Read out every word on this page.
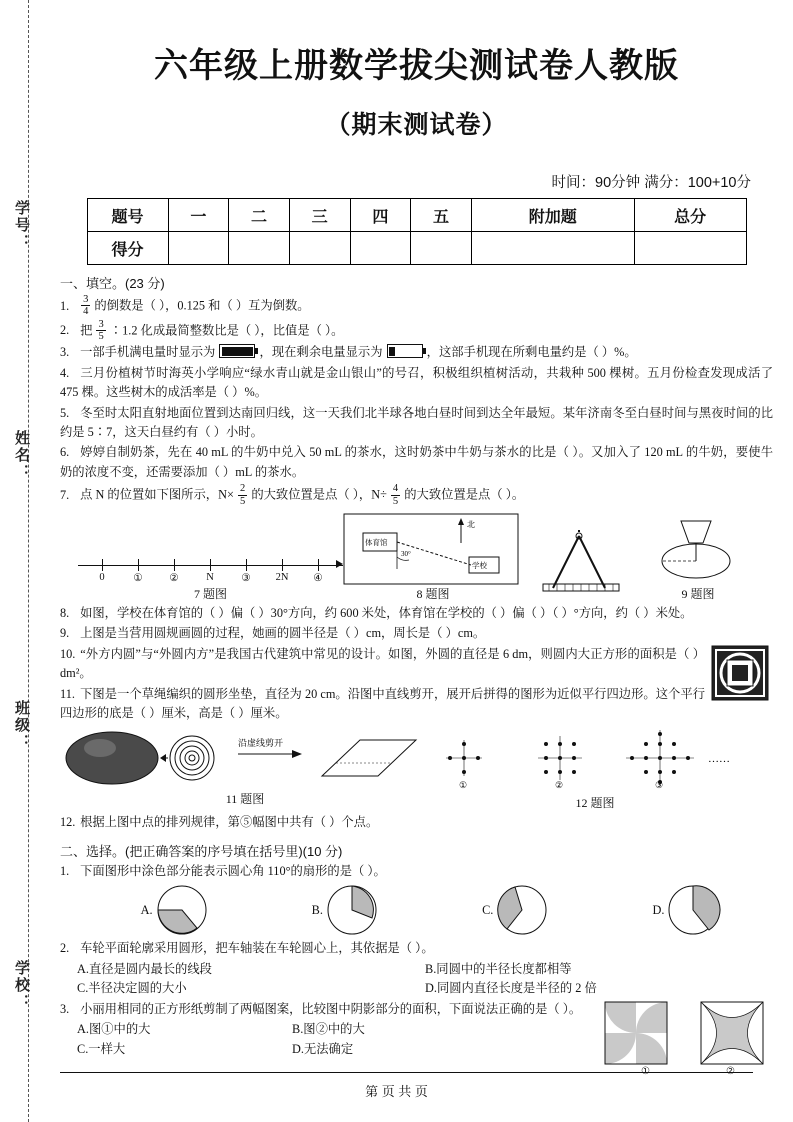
学号：
姓名：
班级：
学校：
六年级上册数学拔尖测试卷人教版
（期末测试卷）
时间：90分钟 满分：100+10分
题号	一	二	三	四	五	附加题	总分
得分							
一、填空。(23 分)
1. $\frac{3}{4}$ 的倒数是（ ），0.125 和（ ）互为倒数。
2. 把 $\frac{3}{5}$ ∶1.2 化成最简整数比是（ ），比值是（ ）。
3. 一部手机满电量时显示为	，现在剩余电量显示为	，这部手机现在所剩电量约是（ ）%。
4. 三月份植树节时海英小学响应“绿水青山就是金山银山”的号召，积极组织植树活动，共栽种 500 棵树。五月份检查发现成活了 475 棵。这些树木的成活率是（ ）%。
5. 冬至时太阳直射地面位置到达南回归线，这一天我们北半球各地白昼时间到达全年最短。某年济南冬至白昼时间与黑夜时间的比约是 5∶7，这天白昼约有（ ）小时。
6. 婷婷自制奶茶，先在 40 mL 的牛奶中兑入 50 mL 的茶水，这时奶茶中牛奶与茶水的比是（ ）。又加入了 120 mL 的牛奶，要使牛奶的浓度不变，还需要添加（ ）mL 的茶水。
7. 点 N 的位置如下图所示，$N\times \frac{2}{5}$ 的大致位置是点（ ），$N\div \frac{4}{5}$ 的大致位置是点（ ）。
0	①	②	N	③ 2N ④
7 题图
北
体育馆
30°
学校
8 题图	9 题图
8. 如图，学校在体育馆的（ ）偏（ ）30°方向，约 600 米处，体育馆在学校的（ ）偏（ ）（ ）°方向，约（ ）米处。
9. 上图是当营用圆规画圆的过程，她画的圆半径是（ ）cm，周长是（ ）cm。
10. “外方内圆”与“外圆内方”是我国古代建筑中常见的设计。如图，外圆的直径是 6 dm，则圆内大正方形的面积是（ ）dm²。
11. 下图是一个草绳编织的圆形坐垫，直径为 20 cm。沿图中直线剪开，展开后拼得的图形为近似平行四边形。这个平行四边形的底是（ ）厘米，高是（ ）厘米。
沿虚线剪开
11 题图
……
①	②	③
12 题图
12. 根据上图中点的排列规律，第⑤幅图中共有（ ）个点。
二、选择。(把正确答案的序号填在括号里)(10 分)
1. 下面图形中涂色部分能表示圆心角 110°的扇形的是（ ）。
A.	B.	C.	D.
2. 车轮平面轮廓采用圆形，把车轴装在车轮圆心上，其依据是（ ）。
A.直径是圆内最长的线段	B.同圆中的半径长度都相等
C.半径决定圆的大小	D.同圆内直径长度是半径的 2 倍
3. 小丽用相同的正方形纸剪制了两幅图案，比较图中阴影部分的面积，下面说法正确的是（ ）。
A.图①中的大	B.图②中的大
C.一样大	D.无法确定
第 页 共 页
